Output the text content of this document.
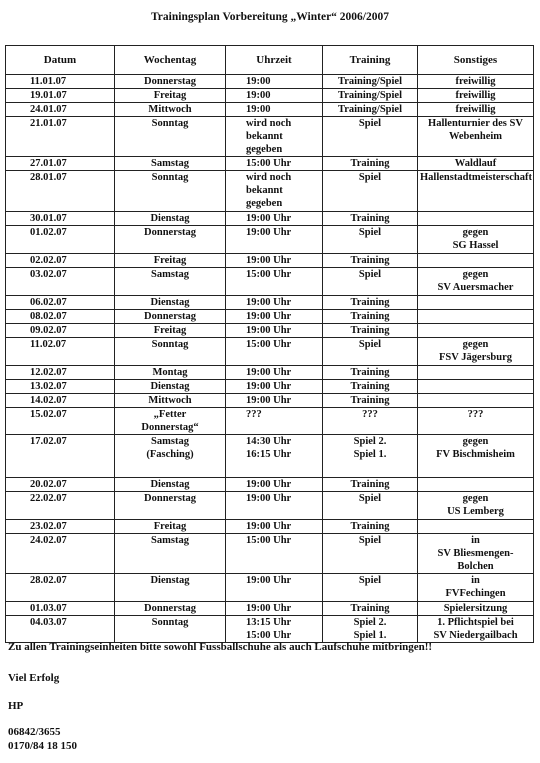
Trainingsplan Vorbereitung „Winter“ 2006/2007
Datum	Wochentag	Uhrzeit	Training	Sonstiges

11.01.07	Donnerstag	19:00	Training/Spiel	freiwillig

19.01.07	Freitag	19:00	Training/Spiel	freiwillig

24.01.07	Mittwoch	19:00	Training/Spiel	freiwillig

21.01.07	Sonntag	wird noch
bekannt gegeben	Spiel	Hallenturnier des SV
Webenheim

27.01.07	Samstag	15:00 Uhr	Training	Waldlauf

28.01.07	Sonntag	wird noch
bekannt gegeben	Spiel	Hallenstadtmeisterschaft

30.01.07	Dienstag	19:00 Uhr	Training	

01.02.07	Donnerstag	19:00 Uhr	Spiel	gegen
SG Hassel

02.02.07	Freitag	19:00 Uhr	Training	

03.02.07	Samstag	15:00 Uhr	Spiel	gegen
SV Auersmacher

06.02.07	Dienstag	19:00 Uhr	Training	

08.02.07	Donnerstag	19:00 Uhr	Training	

09.02.07	Freitag	19:00 Uhr	Training	

11.02.07	Sonntag	15:00 Uhr	Spiel	gegen
FSV Jägersburg

12.02.07	Montag	19:00 Uhr	Training	

13.02.07	Dienstag	19:00 Uhr	Training	

14.02.07	Mittwoch	19:00 Uhr	Training	

15.02.07	„Fetter
Donnerstag“	???	???	???

17.02.07	Samstag
(Fasching)	14:30 Uhr
16:15 Uhr	Spiel 2.
Spiel 1.	gegen
FV Bischmisheim

20.02.07	Dienstag	19:00 Uhr	Training	

22.02.07	Donnerstag	19:00 Uhr	Spiel	gegen
US Lemberg

23.02.07	Freitag	19:00 Uhr	Training	

24.02.07	Samstag	15:00 Uhr	Spiel	in
SV Bliesmengen-Bolchen

28.02.07	Dienstag	19:00 Uhr	Spiel	in
FVFechingen

01.03.07	Donnerstag	19:00 Uhr	Training	Spielersitzung

04.03.07	Sonntag	13:15 Uhr
15:00 Uhr	Spiel 2.
Spiel 1.	1. Pflichtspiel bei
SV Niedergailbach
Zu allen Trainingseinheiten bitte sowohl Fussballschuhe als auch Laufschuhe mitbringen!!
Viel Erfolg
HP
06842/3655
0170/84 18 150
